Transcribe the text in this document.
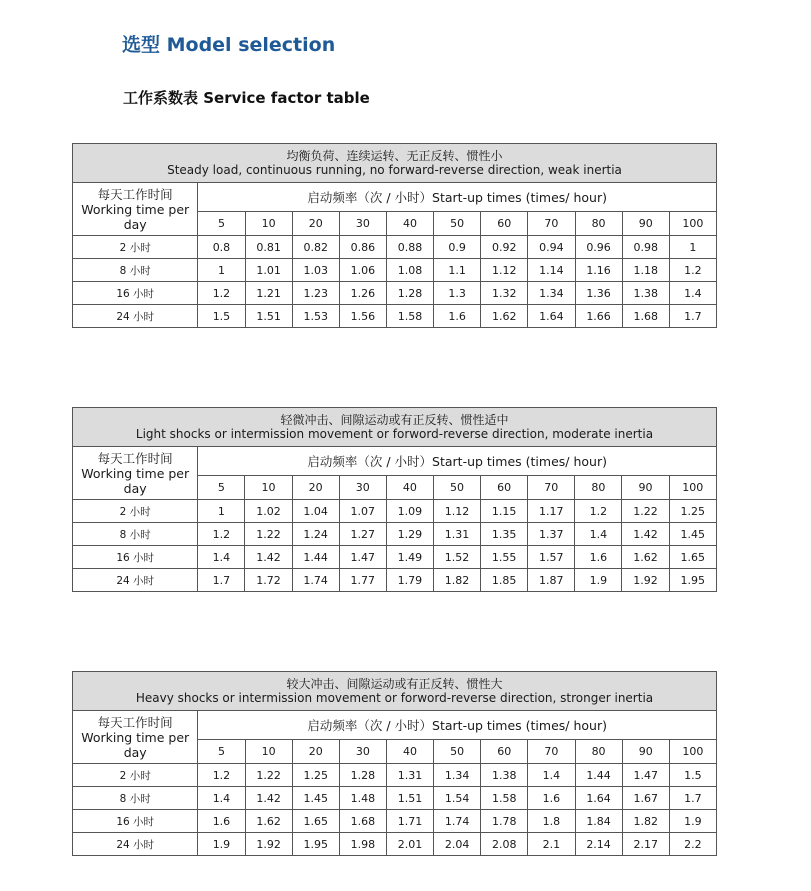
选型 Model selection
工作系数表 Service factor table
均衡负荷、连续运转、无正反转、惯性小
Steady load, continuous running, no forward-reverse direction, weak inertia											

每天工作时间
Working time per
day	启动频率（次 / 小时）Start-up times (times/ hour)										
	5	10	20	30	40	50	60	70	80	90	100
2 小时	0.8	0.81	0.82	0.86	0.88	0.9	0.92	0.94	0.96	0.98	1
8 小时	1	1.01	1.03	1.06	1.08	1.1	1.12	1.14	1.16	1.18	1.2
16 小时	1.2	1.21	1.23	1.26	1.28	1.3	1.32	1.34	1.36	1.38	1.4
24 小时	1.5	1.51	1.53	1.56	1.58	1.6	1.62	1.64	1.66	1.68	1.7
轻微冲击、间隙运动或有正反转、惯性适中
Light shocks or intermission movement or forword-reverse direction, moderate inertia											

每天工作时间
Working time per
day	启动频率（次 / 小时）Start-up times (times/ hour)										
	5	10	20	30	40	50	60	70	80	90	100
2 小时	1	1.02	1.04	1.07	1.09	1.12	1.15	1.17	1.2	1.22	1.25
8 小时	1.2	1.22	1.24	1.27	1.29	1.31	1.35	1.37	1.4	1.42	1.45
16 小时	1.4	1.42	1.44	1.47	1.49	1.52	1.55	1.57	1.6	1.62	1.65
24 小时	1.7	1.72	1.74	1.77	1.79	1.82	1.85	1.87	1.9	1.92	1.95
较大冲击、间隙运动或有正反转、惯性大
Heavy shocks or intermission movement or forword-reverse direction, stronger inertia											

每天工作时间
Working time per
day	启动频率（次 / 小时）Start-up times (times/ hour)										
	5	10	20	30	40	50	60	70	80	90	100
2 小时	1.2	1.22	1.25	1.28	1.31	1.34	1.38	1.4	1.44	1.47	1.5
8 小时	1.4	1.42	1.45	1.48	1.51	1.54	1.58	1.6	1.64	1.67	1.7
16 小时	1.6	1.62	1.65	1.68	1.71	1.74	1.78	1.8	1.84	1.82	1.9
24 小时	1.9	1.92	1.95	1.98	2.01	2.04	2.08	2.1	2.14	2.17	2.2
